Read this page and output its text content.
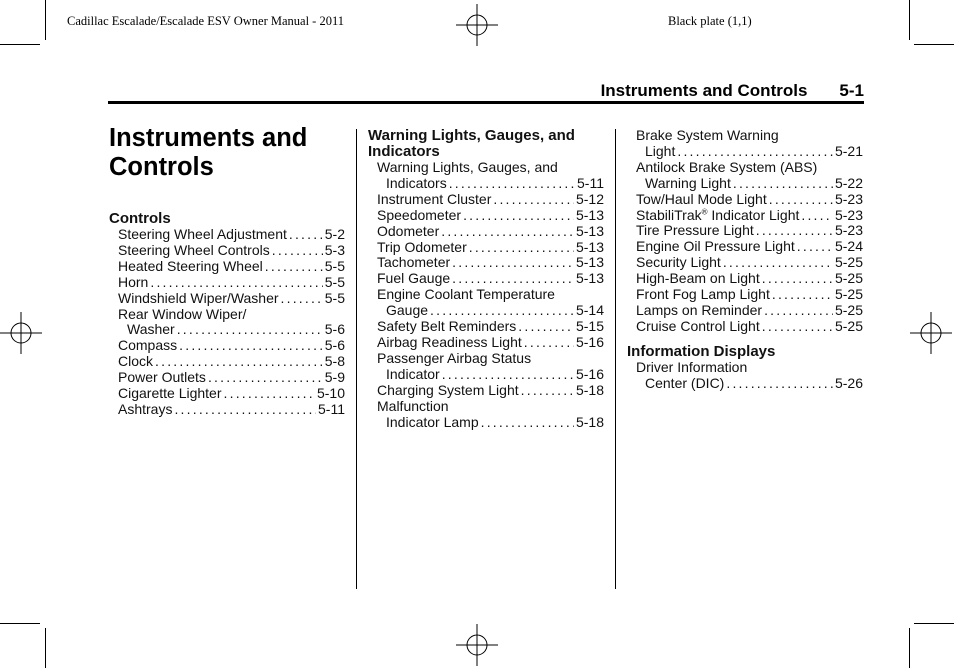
Cadillac Escalade/Escalade ESV Owner Manual - 2011	Black plate (1,1)
Instruments and Controls 5-1
Instruments and
Controls
Controls
Steering Wheel Adjustment .....	5-2
Steering Wheel Controls .....	5-3
Heated Steering Wheel .....	5-5
Horn .....	5-5
Windshield Wiper/Washer .....	5-5
Rear Window Wiper/
Washer .....	5-6
Compass .....	5-6
Clock .....	5-8
Power Outlets .....	5-9
Cigarette Lighter .....	5-10
Ashtrays .....	5-11
Warning Lights, Gauges, and Indicators
Warning Lights, Gauges, and
Indicators .....	5-11
Instrument Cluster .....	5-12
Speedometer .....	5-13
Odometer .....	5-13
Trip Odometer .....	5-13
Tachometer .....	5-13
Fuel Gauge .....	5-13
Engine Coolant Temperature
Gauge .....	5-14
Safety Belt Reminders .....	5-15
Airbag Readiness Light .....	5-16
Passenger Airbag Status
Indicator .....	5-16
Charging System Light .....	5-18
Malfunction
Indicator Lamp .....	5-18
Brake System Warning
Light .....	5-21
Antilock Brake System (ABS)
Warning Light .....	5-22
Tow/Haul Mode Light .....	5-23
StabiliTrak® Indicator Light .....	5-23
Tire Pressure Light .....	5-23
Engine Oil Pressure Light .....	5-24
Security Light .....	5-25
High-Beam on Light .....	5-25
Front Fog Lamp Light .....	5-25
Lamps on Reminder .....	5-25
Cruise Control Light .....	5-25
Information Displays
Driver Information
Center (DIC) .....	5-26
